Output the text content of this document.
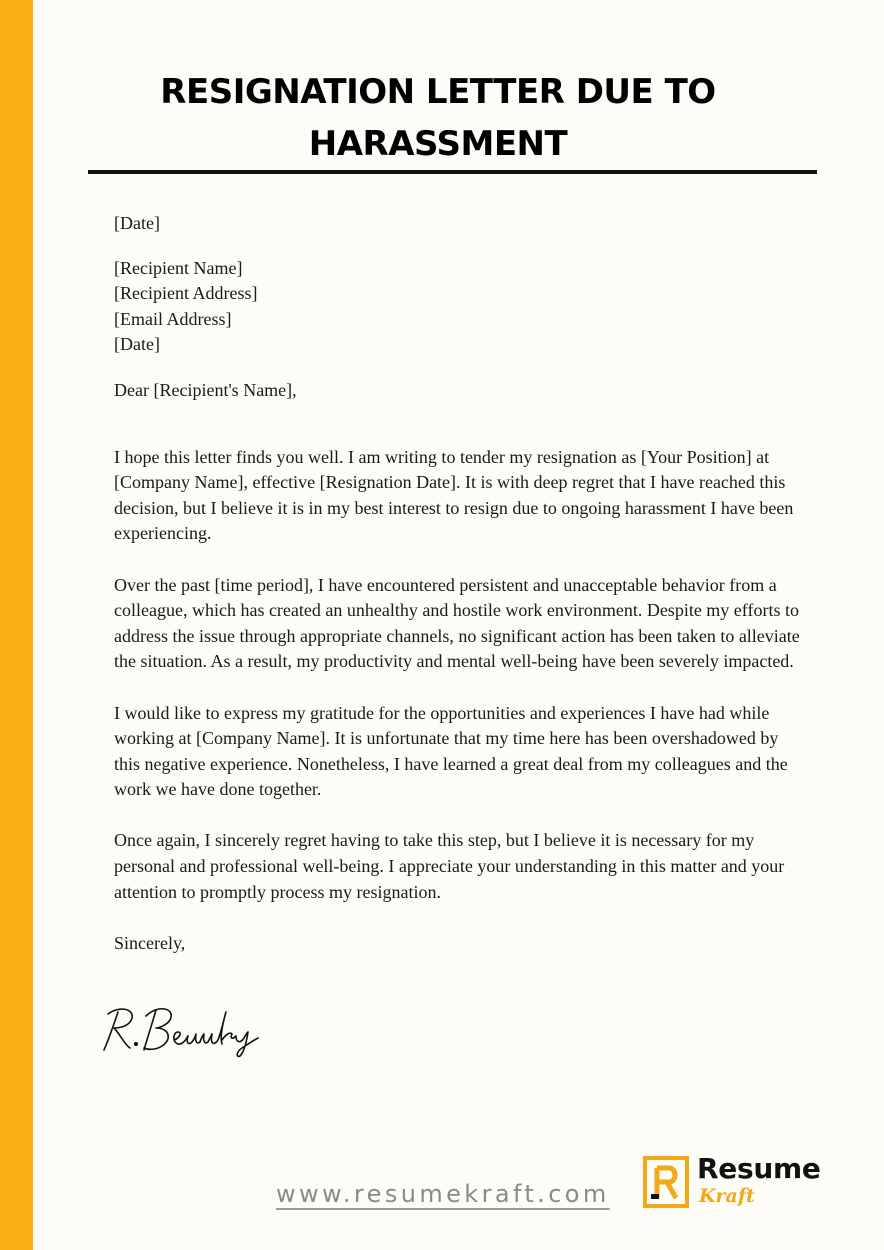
RESIGNATION LETTER DUE TO
HARASSMENT

[Date]

[Recipient Name]

[Recipient Address]

[Email Address]

[Date]

Dear [Recipient's Name],

I hope this letter finds you well. I am writing to tender my resignation as [Your Position] at [Company Name], effective [Resignation Date]. It is with deep regret that I have reached this decision, but I believe it is in my best interest to resign due to ongoing harassment I have been experiencing.

Over the past [time period], I have encountered persistent and unacceptable behavior from a colleague, which has created an unhealthy and hostile work environment. Despite my efforts to address the issue through appropriate channels, no significant action has been taken to alleviate the situation. As a result, my productivity and mental well-being have been severely impacted.

I would like to express my gratitude for the opportunities and experiences I have had while working at [Company Name]. It is unfortunate that my time here has been overshadowed by this negative experience. Nonetheless, I have learned a great deal from my colleagues and the work we have done together.

Once again, I sincerely regret having to take this step, but I believe it is necessary for my personal and professional well-being. I appreciate your understanding in this matter and your attention to promptly process my resignation.

Sincerely,

www.resumekraft.com
Resume
Kraft
